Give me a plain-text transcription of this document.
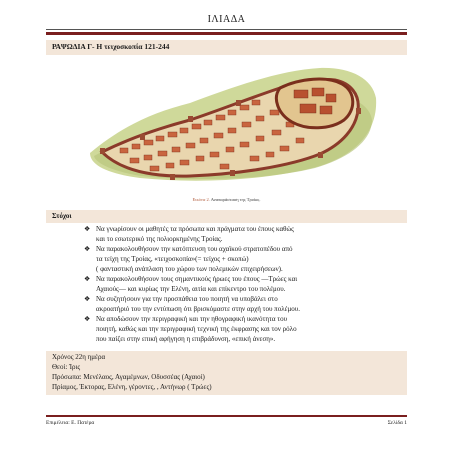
ΙΛΙΑΔΑ
ΡΑΨΩΔΙΑ Γ- Η τειχοσκοπία 121-244
Εικόνα 2. Αναπαράσταση της Τροίας.
Στόχοι
❖ Να γνωρίσουν οι μαθητές τα πρόσωπα και πράγματα του έπους καθώς
και το εσωτερικό της πολιορκημένης Τροίας.
❖ Να παρακολουθήσουν την κατόπτευση του αχαϊκού στρατοπέδου από
τα τείχη της Τροίας, «τειχοσκοπία»(= τείχος + σκοπώ)
( φανταστική ανάπλαση του χώρου των πολεμικών επιχειρήσεων).
❖ Να παρακολουθήσουν τους σημαντικούς ήρωες του έπους —Τρώες και
Αχαιούς— και κυρίως την Ελένη, αιτία και επίκεντρο του πολέμου.
❖ Να συζητήσουν για την προσπάθεια του ποιητή να υποβάλει στο
ακροατήριό του την εντύπωση ότι βρισκόμαστε στην αρχή του πολέμου.
❖ Να αποδώσουν την περιγραφική και την ηθογραφική ικανότητα του
ποιητή, καθώς και την περιγραφική τεχνική της έκφρασης και τον ρόλο
που παίζει στην επική αφήγηση η επιβράδυνση, «επική άνεση».
Χρόνος 22η ημέρα
Θεοί: Ίρις
Πρόσωπα: Μενέλαος, Αγαμέμνων, Οδυσσέας (Αχαιοί)
Πρίαμος, Έκτορας, Ελένη, γέροντες, , Αντήνωρ ( Τρώες)
Επιμέλεια: Ε. Πατέρα	Σελίδα 1
